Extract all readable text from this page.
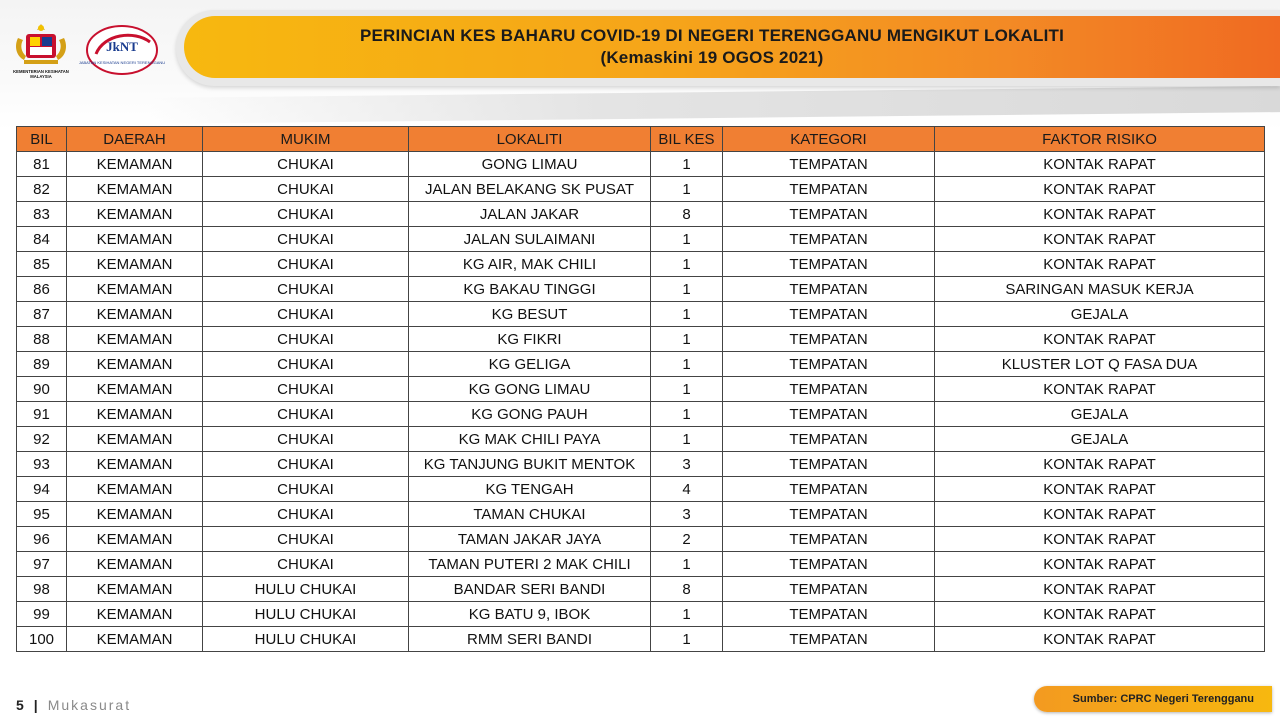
KEMENTERIAN KESIHATAN
MALAYSIA
JkNT
JABATAN KESIHATAN NEGERI TERENGGANU
PERINCIAN KES BAHARU COVID-19 DI NEGERI TERENGGANU MENGIKUT LOKALITI
(Kemaskini 19 OGOS 2021)
BIL	DAERAH	MUKIM	LOKALITI	BIL KES	KATEGORI	FAKTOR RISIKO
81	KEMAMAN	CHUKAI	GONG LIMAU	1	TEMPATAN	KONTAK RAPAT
82	KEMAMAN	CHUKAI	JALAN BELAKANG SK PUSAT	1	TEMPATAN	KONTAK RAPAT
83	KEMAMAN	CHUKAI	JALAN JAKAR	8	TEMPATAN	KONTAK RAPAT
84	KEMAMAN	CHUKAI	JALAN SULAIMANI	1	TEMPATAN	KONTAK RAPAT
85	KEMAMAN	CHUKAI	KG AIR, MAK CHILI	1	TEMPATAN	KONTAK RAPAT
86	KEMAMAN	CHUKAI	KG BAKAU TINGGI	1	TEMPATAN	SARINGAN MASUK KERJA
87	KEMAMAN	CHUKAI	KG BESUT	1	TEMPATAN	GEJALA
88	KEMAMAN	CHUKAI	KG FIKRI	1	TEMPATAN	KONTAK RAPAT
89	KEMAMAN	CHUKAI	KG GELIGA	1	TEMPATAN	KLUSTER LOT Q FASA DUA
90	KEMAMAN	CHUKAI	KG GONG LIMAU	1	TEMPATAN	KONTAK RAPAT
91	KEMAMAN	CHUKAI	KG GONG PAUH	1	TEMPATAN	GEJALA
92	KEMAMAN	CHUKAI	KG MAK CHILI PAYA	1	TEMPATAN	GEJALA
93	KEMAMAN	CHUKAI	KG TANJUNG BUKIT MENTOK	3	TEMPATAN	KONTAK RAPAT
94	KEMAMAN	CHUKAI	KG TENGAH	4	TEMPATAN	KONTAK RAPAT
95	KEMAMAN	CHUKAI	TAMAN CHUKAI	3	TEMPATAN	KONTAK RAPAT
96	KEMAMAN	CHUKAI	TAMAN JAKAR JAYA	2	TEMPATAN	KONTAK RAPAT
97	KEMAMAN	CHUKAI	TAMAN PUTERI 2 MAK CHILI	1	TEMPATAN	KONTAK RAPAT
98	KEMAMAN	HULU CHUKAI	BANDAR SERI BANDI	8	TEMPATAN	KONTAK RAPAT
99	KEMAMAN	HULU CHUKAI	KG BATU 9, IBOK	1	TEMPATAN	KONTAK RAPAT
100	KEMAMAN	HULU CHUKAI	RMM SERI BANDI	1	TEMPATAN	KONTAK RAPAT
5 | Mukasurat	Sumber: CPRC Negeri Terengganu
